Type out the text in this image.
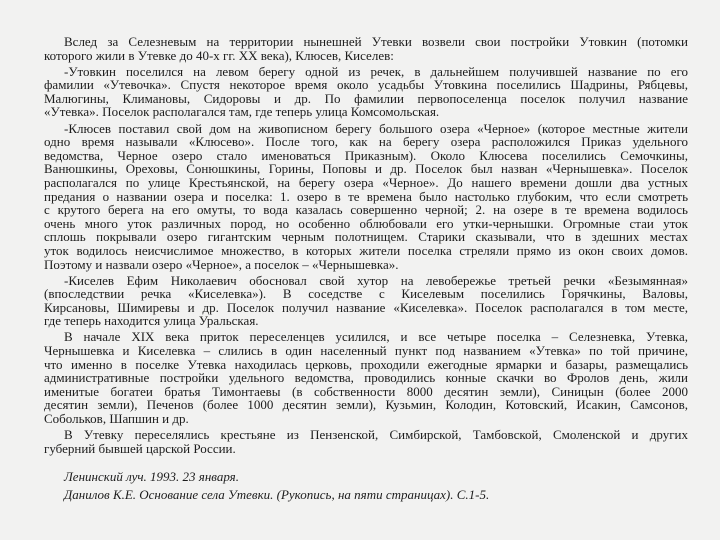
Вслед за Селезневым на территории нынешней Утевки возвели свои постройки Утовкин (потомки
которого жили в Утевке до 40-х гг. XX века), Клюсев, Киселев:
-Утовкин поселился на левом берегу одной из речек, в дальнейшем получившей название по его
фамилии «Утевочка». Спустя некоторое время около усадьбы Утовкина поселились Шадрины, Рябцевы,
Малюгины, Климановы, Сидоровы и др. По фамилии первопоселенца поселок получил название
«Утевка». Поселок располагался там, где теперь улица Комсомольская.
-Клюсев поставил свой дом на живописном берегу большого озера «Черное» (которое местные жители
одно время называли «Клюсево». После того, как на берегу озера расположился Приказ удельного
ведомства, Черное озеро стало именоваться Приказным). Около Клюсева поселились Семочкины,
Ванюшкины, Ореховы, Сонюшкины, Горины, Поповы и др. Поселок был назван «Чернышевка». Поселок
располагался по улице Крестьянской, на берегу озера «Черное». До нашего времени дошли два устных
предания о названии озера и поселка: 1. озеро в те времена было настолько глубоким, что если смотреть
с крутого берега на его омуты, то вода казалась совершенно черной; 2. на озере в те времена водилось
очень много уток различных пород, но особенно облюбовали его утки-чернышки. Огромные стаи уток
сплошь покрывали озеро гигантским черным полотнищем. Старики сказывали, что в здешних местах
уток водилось неисчислимое множество, в которых жители поселка стреляли прямо из окон своих домов.
Поэтому и назвали озеро «Черное», а поселок – «Чернышевка».
-Киселев Ефим Николаевич обосновал свой хутор на левобережье третьей речки «Безымянная»
(впоследствии речка «Киселевка»). В соседстве с Киселевым поселились Горячкины, Валовы,
Кирсановы, Шимиревы и др. Поселок получил название «Киселевка». Поселок располагался в том месте,
где теперь находится улица Уральская.
В начале XIX века приток переселенцев усилился, и все четыре поселка – Селезневка, Утевка,
Чернышевка и Киселевка – слились в один населенный пункт под названием «Утевка» по той причине,
что именно в поселке Утевка находилась церковь, проходили ежегодные ярмарки и базары, размещались
административные постройки удельного ведомства, проводились конные скачки во Фролов день, жили
именитые богатеи братья Тимонтаевы (в собственности 8000 десятин земли), Синицын (более 2000
десятин земли), Печенов (более 1000 десятин земли), Кузьмин, Колодин, Котовский, Исакин, Самсонов,
Собольков, Шапшин и др.
В Утевку переселялись крестьяне из Пензенской, Симбирской, Тамбовской, Смоленской и других
губерний бывшей царской России.
Ленинский луч. 1993. 23 января.
Данилов К.Е. Основание села Утевки. (Рукопись, на пяти страницах). С.1-5.
